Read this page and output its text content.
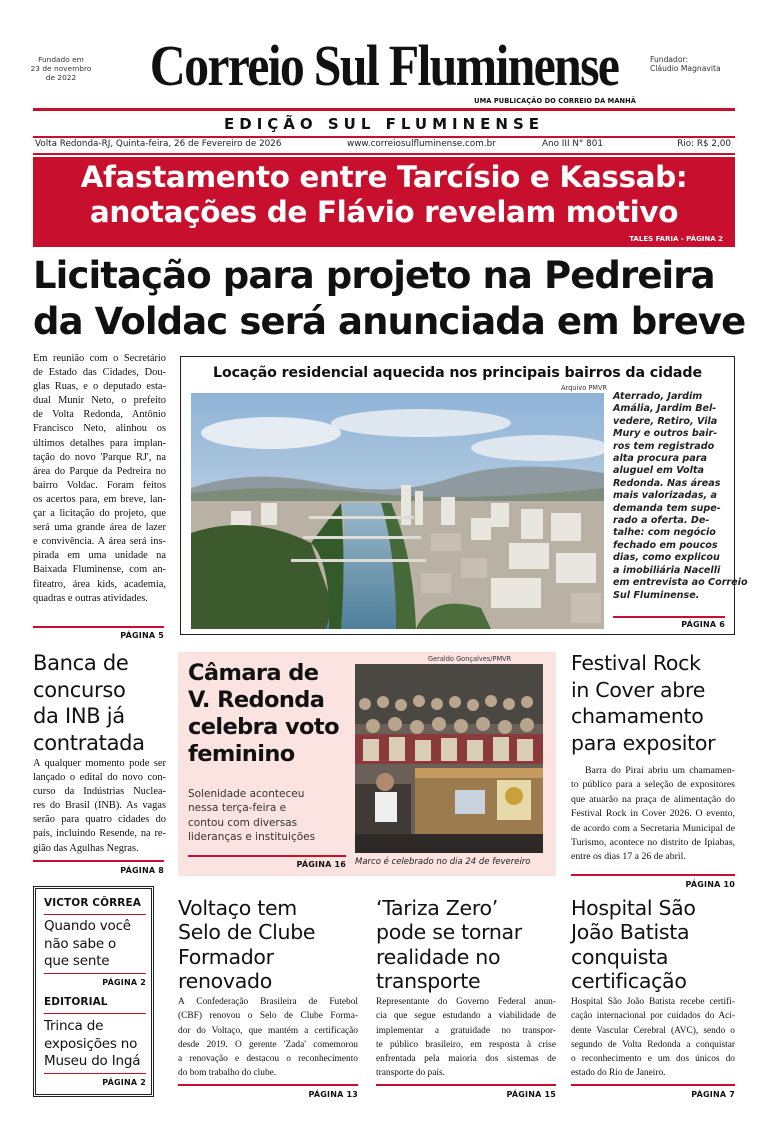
Fundado em
23 de novembro
de 2022	Correio Sul Fluminense	Fundador:
Cláudio Magnavita
UMA PUBLICAÇÃO DO CORREIO DA MANHÃ
EDIÇÃO SUL FLUMINENSE
Volta Redonda-RJ, Quinta-feira, 26 de Fevereiro de 2026	www.correiosulfluminense.com.br	Ano III N° 801	Rio: R$ 2,00
Afastamento entre Tarcísio e Kassab:
anotações de Flávio revelam motivo
TALES FARIA - PÁGINA 2
Licitação para projeto na Pedreira
da Voldac será anunciada em breve
Em reunião com o Secretário
de Estado das Cidades, Dou-
glas Ruas, e o deputado esta-
dual Munir Neto, o prefeito
de Volta Redonda, Antônio
Francisco Neto, alinhou os
últimos detalhes para implan-
tação do novo 'Parque RJ', na
área do Parque da Pedreira no
bairro Voldac. Foram feitos
os acertos para, em breve, lan-
çar a licitação do projeto, que
será uma grande área de lazer
e convivência. A área será ins-
pirada em uma unidade na
Baixada Fluminense, com an-
fiteatro, área kids, academia,
quadras e outras atividades.
PÁGINA 5
Locação residencial aquecida nos principais bairros da cidade
Arquivo PMVR
Aterrado, Jardim
Amália, Jardim Bel-
vedere, Retiro, Vila
Mury e outros bair-
ros tem registrado
alta procura para
aluguel em Volta
Redonda. Nas áreas
mais valorizadas, a
demanda tem supe-
rado a oferta. De-
talhe: com negócio
fechado em poucos
dias, como explicou
a imobiliária Nacelli
em entrevista ao Correio
Sul Fluminense.
PÁGINA 6
Banca de
concurso
da INB já
contratada
A qualquer momento pode ser
lançado o edital do novo con-
curso da Indústrias Nuclea-
res do Brasil (INB). As vagas
serão para quatro cidades do
país, incluindo Resende, na re-
gião das Agulhas Negras.
PÁGINA 8
Câmara de
V. Redonda
celebra voto
feminino
Solenidade aconteceu
nessa terça-feira e
contou com diversas
lideranças e instituições
PÁGINA 16
Geraldo Gonçalves/PMVR
Marco é celebrado no dia 24 de fevereiro
Festival Rock
in Cover abre
chamamento
para expositor
Barra do Piraí abriu um chamamen-
to público para a seleção de expositores
que atuarão na praça de alimentação do
Festival Rock in Cover 2026. O evento,
de acordo com a Secretaria Municipal de
Turismo, acontece no distrito de Ipiabas,
entre os dias 17 a 26 de abril.
PÁGINA 10
VICTOR CÔRREA
Quando você
não sabe o
que sente
PÁGINA 2
EDITORIAL
Trinca de
exposições no
Museu do Ingá
PÁGINA 2
Voltaço tem
Selo de Clube
Formador
renovado
A Confederação Brasileira de Futebol
(CBF) renovou o Selo de Clube Forma-
dor do Voltaço, que mantém a certificação
desde 2019. O gerente 'Zada' comemorou
a renovação e destacou o reconhecimento
do bom trabalho do clube.
PÁGINA 13
‘Tariza Zero’
pode se tornar
realidade no
transporte
Representante do Governo Federal anun-
cia que segue estudando a viabilidade de
implementar a gratuidade no transpor-
te público brasileiro, em resposta à crise
enfrentada pela maioria dos sistemas de
transporte do país.
PÁGINA 15
Hospital São
João Batista
conquista
certificação
Hospital São João Batista recebe certifi-
cação internacional por cuidados do Aci-
dente Vascular Cerebral (AVC), sendo o
segundo de Volta Redonda a conquistar
o reconhecimento e um dos únicos do
estado do Rio de Janeiro.
PÁGINA 7
